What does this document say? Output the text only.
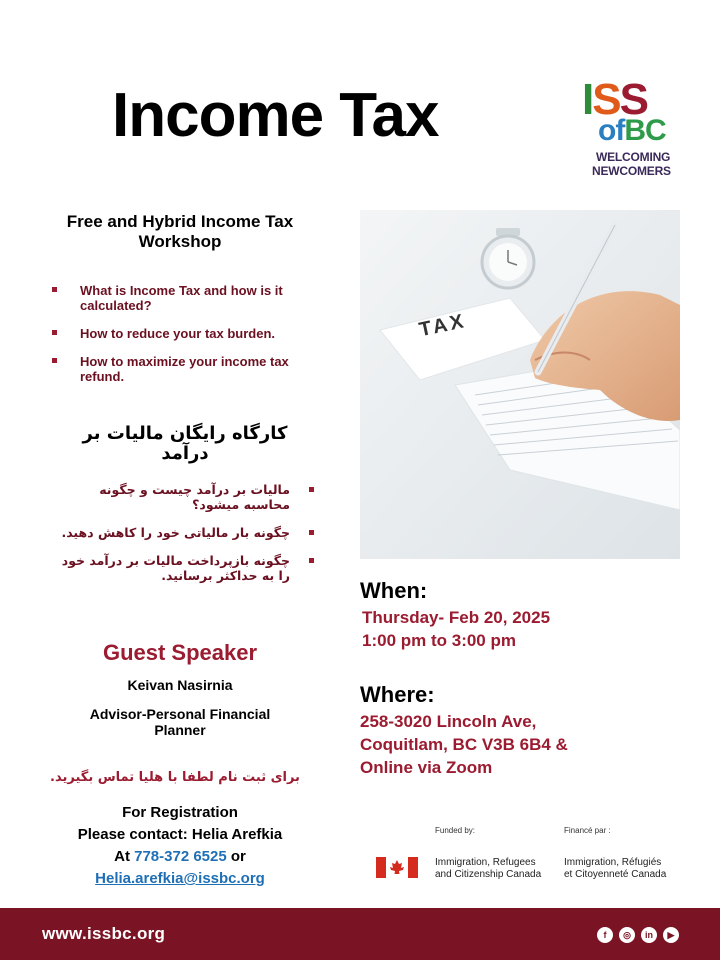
Income Tax	ISS
ofBC
WELCOMING
NEWCOMERS
Free and Hybrid Income Tax Workshop
What is Income Tax and how is it calculated?
How to reduce your tax burden.
How to maximize your income tax refund.
کارگاه رایگان مالیات بر درآمد
مالیات بر درآمد چیست و چگونه محاسبه میشود؟
چگونه بار مالیاتی خود را کاهش دهید.
چگونه بازپرداخت مالیات بر درآمد خود را به حداکثر برسانید.
Guest Speaker
Keivan Nasirnia
Advisor-Personal Financial Planner
برای ثبت نام لطفا با هلیا تماس بگیرید.
For Registration
Please contact: Helia Arefkia
At 778-372 6525 or
Helia.arefkia@issbc.org
TAX
When:
Thursday- Feb 20, 2025
1:00 pm to 3:00 pm
Where:
258-3020 Lincoln Ave,
Coquitlam, BC V3B 6B4 &
Online via Zoom
Funded by:	Financé par :
Immigration, Refugees
and Citizenship Canada
Immigration, Réfugiés
et Citoyenneté Canada
www.issbc.org	f	◎	in	▶
